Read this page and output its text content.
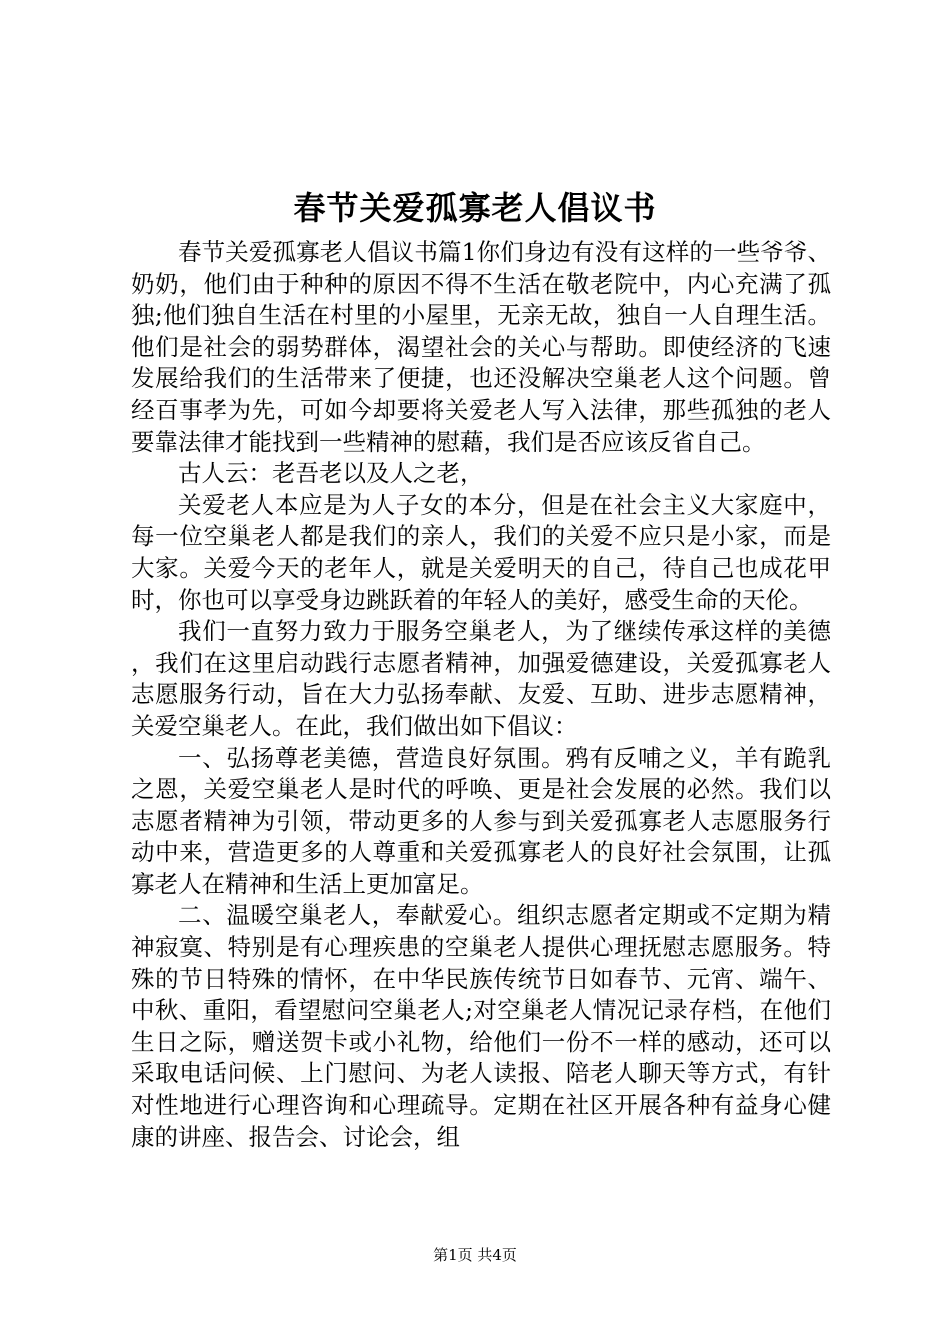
春节关爱孤寡老人倡议书

春节关爱孤寡老人倡议书篇1你们身边有没有这样的一些爷爷、奶奶，他们由于种种的原因不得不生活在敬老院中，内心充满了孤独;他们独自生活在村里的小屋里，无亲无故，独自一人自理生活。他们是社会的弱势群体，渴望社会的关心与帮助。即使经济的飞速发展给我们的生活带来了便捷，也还没解决空巢老人这个问题。曾经百事孝为先，可如今却要将关爱老人写入法律，那些孤独的老人要靠法律才能找到一些精神的慰藉，我们是否应该反省自己。

古人云：老吾老以及人之老，

关爱老人本应是为人子女的本分，但是在社会主义大家庭中，每一位空巢老人都是我们的亲人，我们的关爱不应只是小家，而是大家。关爱今天的老年人，就是关爱明天的自己，待自己也成花甲时，你也可以享受身边跳跃着的年轻人的美好，感受生命的天伦。

我们一直努力致力于服务空巢老人，为了继续传承这样的美德，我们在这里启动践行志愿者精神，加强爱德建设，关爱孤寡老人志愿服务行动，旨在大力弘扬奉献、友爱、互助、进步志愿精神，关爱空巢老人。在此，我们做出如下倡议：

一、弘扬尊老美德，营造良好氛围。鸦有反哺之义，羊有跪乳之恩，关爱空巢老人是时代的呼唤、更是社会发展的必然。我们以志愿者精神为引领，带动更多的人参与到关爱孤寡老人志愿服务行动中来，营造更多的人尊重和关爱孤寡老人的良好社会氛围，让孤寡老人在精神和生活上更加富足。

二、温暖空巢老人，奉献爱心。组织志愿者定期或不定期为精神寂寞、特别是有心理疾患的空巢老人提供心理抚慰志愿服务。特殊的节日特殊的情怀，在中华民族传统节日如春节、元宵、端午、中秋、重阳，看望慰问空巢老人;对空巢老人情况记录存档，在他们生日之际，赠送贺卡或小礼物，给他们一份不一样的感动，还可以采取电话问候、上门慰问、为老人读报、陪老人聊天等方式，有针对性地进行心理咨询和心理疏导。定期在社区开展各种有益身心健康的讲座、报告会、讨论会，组

第1页 共4页
